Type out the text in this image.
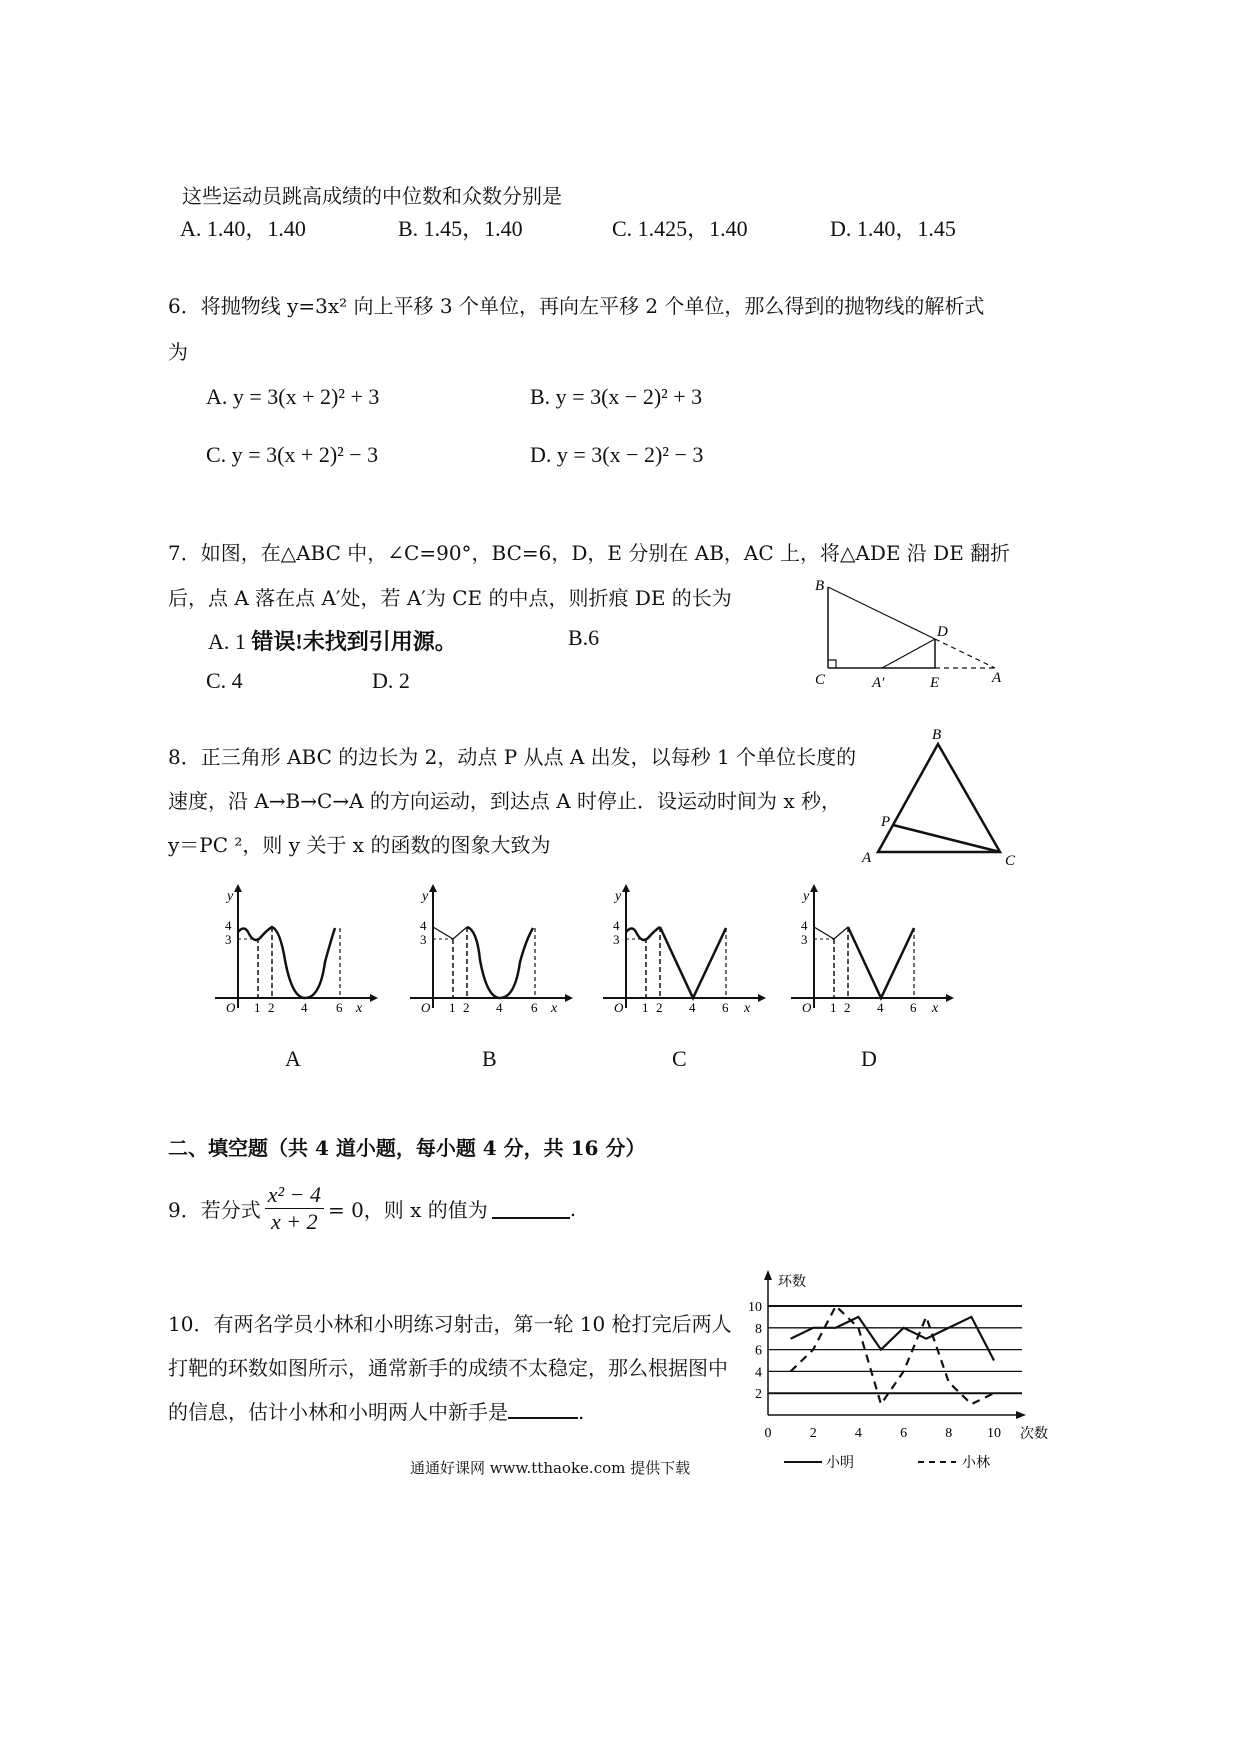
这些运动员跳高成绩的中位数和众数分别是
A. 1.40，1.40	B. 1.45，1.40	C. 1.425，1.40	D. 1.40，1.45
6．将抛物线 y=3x² 向上平移 3 个单位，再向左平移 2 个单位，那么得到的抛物线的解析式
为
A. y = 3(x + 2)² + 3	B. y = 3(x − 2)² + 3
C. y = 3(x + 2)² − 3	D. y = 3(x − 2)² − 3
7．如图，在△ABC 中，∠C=90°，BC=6，D，E 分别在 AB，AC 上，将△ADE 沿 DE 翻折
后，点 A 落在点 A′处，若 A′为 CE 的中点，则折痕 DE 的长为
A. 1 错误!未找到引用源。	B.6
C. 4	D. 2
B
C
D
A′	E	A
8．正三角形 ABC 的边长为 2，动点 P 从点 A 出发，以每秒 1 个单位长度的
速度，沿 A→B→C→A 的方向运动，到达点 A 时停止．设运动时间为 x 秒，
y＝PC ²，则 y 关于 x 的函数的图象大致为
B
A	C
P
y
4
3
O 1 2 4 6 x
y
4
3
O 1 2 4 6 x
y
4
3
O 1 2 4 6 x
y
4
3
O 1 2 4 6 x
A	B	C	D
二、填空题（共 4 道小题，每小题 4 分，共 16 分）
9．若分式 $\frac{\text{x² − 4}}{x + 2} = 0$，则 x 的值为	.
10．有两名学员小林和小明练习射击，第一轮 10 枪打完后两人
打靶的环数如图所示，通常新手的成绩不太稳定，那么根据图中
的信息，估计小林和小明两人中新手是	.
环数
次数
2
4
6
8
10
0	2	4	6	8 10
小明	小林
通通好课网 www.tthaoke.com 提供下载
